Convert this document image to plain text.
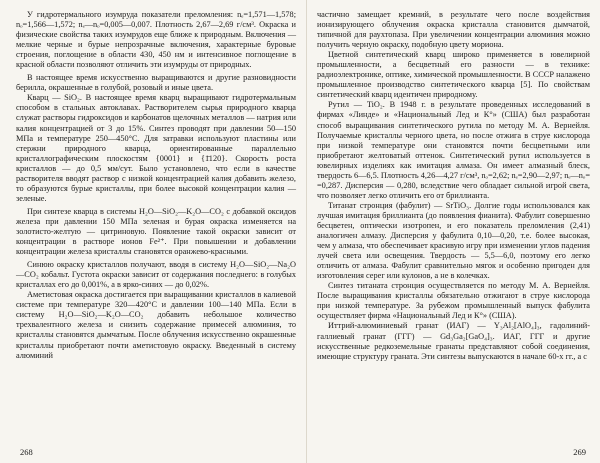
У гидротермального изумруда показатели преломления: nₑ=1,571—1,578; nₒ=1,566—1,572; nₑ—nₒ=0,005—0,007. Плотность 2,67—2,69 г/см³. Окраска и физические свойства таких изумрудов еще ближе к природным. Включения — мелкие черные и бурые непрозрачные включения, характерные буровые строения, поглощение в области 430, 450 нм и интенсивное поглощение в красной области позволяют отличить эти изумруды от природных.

В настоящее время искусственно выращиваются и другие разновидности берилла, окрашенные в голубой, розовый и иные цвета.

Кварц — SiO₂. В настоящее время кварц выращивают гидротермальным способом в стальных автоклавах. Растворителем сырья природного кварца служат растворы гидроксидов и карбонатов щелочных металлов — натрия или калия концентрацией от 3 до 15%. Синтез проводят при давлении 50—150 МПа и температуре 250—450°С. Для затравки используют пластины или стержни природного кварца, ориентированные параллельно кристаллографическим плоскостям {0001} и {1̄120}. Скорость роста кристаллов — до 0,5 мм/сут. Было установлено, что если в качестве растворителя вводят раствор с низкой концентрацией калия добавить железо, то образуются бурые кристаллы, при более высокой концентрации калия — зеленые.

При синтезе кварца в системы H₂O—SiO₂—K₂O—CO₂ с добавкой оксидов железа при давлении 150 МПа зеленая и бурая окраска изменяется на золотисто-желтую — цитриновую. Появление такой окраски зависит от концентрации в растворе ионов Fe²⁺. При повышении и добавлении концентрации железа кристаллы становятся оранжево-красными.

Синюю окраску кристаллов получают, вводя в систему H₂O—SiO₂—Na₂O—CO₂ кобальт. Густота окраски зависит от содержания последнего: в голубых кристаллах его до 0,001%, а в ярко-синих — до 0,02%.

Аметистовая окраска достигается при выращивании кристаллов в калиевой системе при температуре 320—420°С и давлении 100—140 МПа. Если в систему H₂O—SiO₂—K₂O—CO₂ добавить небольшое количество трехвалентного железа и снизить содержание примесей алюминия, то кристаллы становятся дымчатым. После облучения искусственно окрашенные кристаллы приобретают почти аметистовую окраску. Введенный в систему алюминий

268

частично замещает кремний, в результате чего после воздействия ионизирующего облучения окраска кристалла становится дымчатой, типичной для раухтопаза. При увеличении концентрации алюминия можно получить черную окраску, подобную цвету мориона.

Цветной синтетический кварц широко применяется в ювелирной промышленности, а бесцветный его разности — в технике: радиоэлектронике, оптике, химической промышленности. В СССР налажено промышленное производство синтетического кварца [5]. По свойствам синтетический кварц идентичен природному.

Рутил — TiO₂. В 1948 г. в результате проведенных исследований в фирмах «Линде» и «Национальный Лед и К°» (США) был разработан способ выращивания синтетического рутила по методу М. А. Вернейля. Получаемые кристаллы черного цвета, но после отжига в струе кислорода при низкой температуре они становятся почти бесцветными или приобретают желтоватый оттенок. Синтетический рутил используется в ювелирных изделиях как имитация алмаза. Он имеет алмазный блеск, твердость 6—6,5. Плотность 4,26—4,27 г/см³, nₒ=2,62; nₑ=2,90—2,97; nₑ—nₒ= =0,287. Дисперсия — 0,280, вследствие чего обладает сильной игрой света, что позволяет легко отличить его от бриллианта.

Титанат стронция (фабулит) — SrTiO₃. Долгие годы использовался как лучшая имитация бриллианта (до появления фианита). Фабулит совершенно бесцветен, оптически изотропен, и его показатель преломления (2,41) аналогичен алмазу. Дисперсия у фабулита 0,10—0,20, т.е. более высокая, чем у алмаза, что обеспечивает красивую игру при изменении углов падения лучей света или освещения. Твердость — 5,5—6,0, поэтому его легко отличить от алмаза. Фабулит сравнительно мягок и особенно пригоден для изготовления серег или кулонов, а не в колечках.

Синтез титаната стронция осуществляется по методу М. А. Вернейля. После выращивания кристаллы обязательно отжигают в струе кислорода при низкой температуре. За рубежом промышленный выпуск фабулита осуществляет фирма «Национальный Лед и К°» (США).

Иттрий-алюминиевый гранат (ИАГ) — Y₃Al₂[AlO₄]₃, гадолиний-галлиевый гранат (ГГГ) — Gd₃Ga₂[GaO₄]₃. ИАГ, ГГГ и другие искусственные редкоземельные гранаты представляют собой соединения, имеющие структуру граната. Эти синтезы выпускаются в начале 60-х гг., а с

269
